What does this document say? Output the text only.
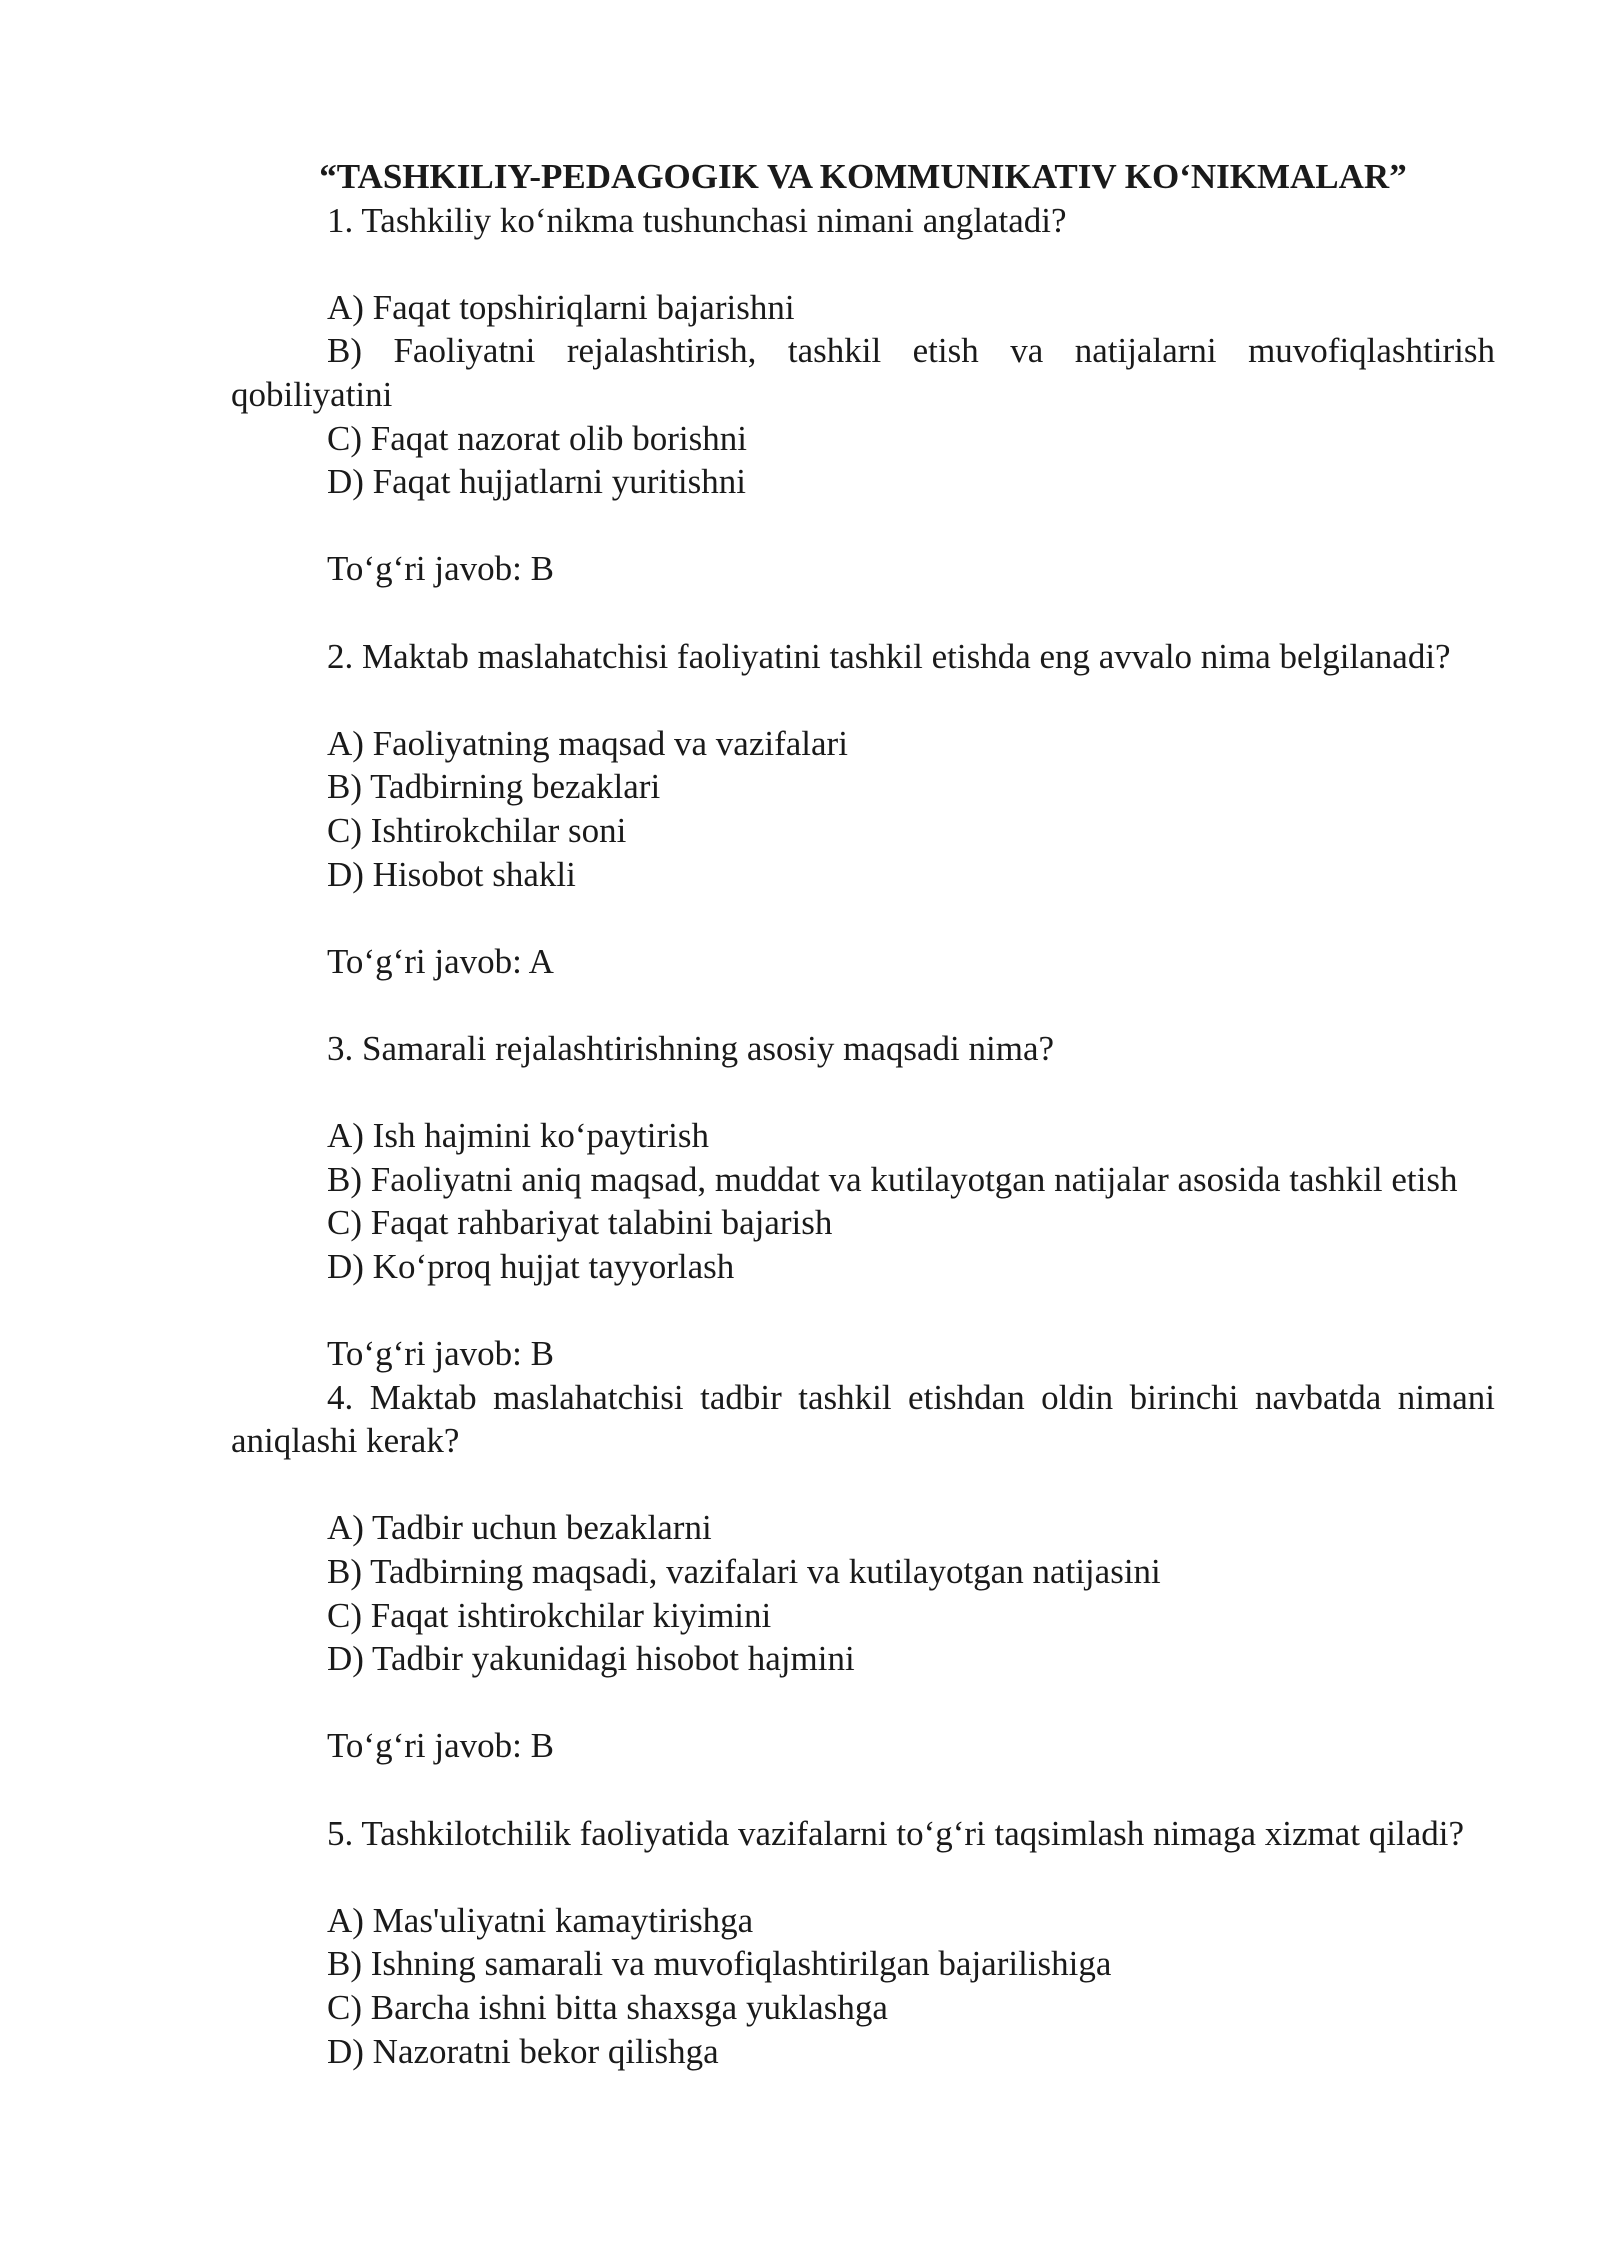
“TASHKILIY-PEDAGOGIK VA KOMMUNIKATIV KO‘NIKMALAR”

1. Tashkiliy ko‘nikma tushunchasi nimani anglatadi?

A) Faqat topshiriqlarni bajarishni

B) Faoliyatni rejalashtirish, tashkil etish va natijalarni muvofiqlashtirish qobiliyatini

C) Faqat nazorat olib borishni

D) Faqat hujjatlarni yuritishni

To‘g‘ri javob: B

2. Maktab maslahatchisi faoliyatini tashkil etishda eng avvalo nima belgilanadi?

A) Faoliyatning maqsad va vazifalari

B) Tadbirning bezaklari

C) Ishtirokchilar soni

D) Hisobot shakli

To‘g‘ri javob: A

3. Samarali rejalashtirishning asosiy maqsadi nima?

A) Ish hajmini ko‘paytirish

B) Faoliyatni aniq maqsad, muddat va kutilayotgan natijalar asosida tashkil etish

C) Faqat rahbariyat talabini bajarish

D) Ko‘proq hujjat tayyorlash

To‘g‘ri javob: B

4. Maktab maslahatchisi tadbir tashkil etishdan oldin birinchi navbatda nimani aniqlashi kerak?

A) Tadbir uchun bezaklarni

B) Tadbirning maqsadi, vazifalari va kutilayotgan natijasini

C) Faqat ishtirokchilar kiyimini

D) Tadbir yakunidagi hisobot hajmini

To‘g‘ri javob: B

5. Tashkilotchilik faoliyatida vazifalarni to‘g‘ri taqsimlash nimaga xizmat qiladi?

A) Mas'uliyatni kamaytirishga

B) Ishning samarali va muvofiqlashtirilgan bajarilishiga

C) Barcha ishni bitta shaxsga yuklashga

D) Nazoratni bekor qilishga
